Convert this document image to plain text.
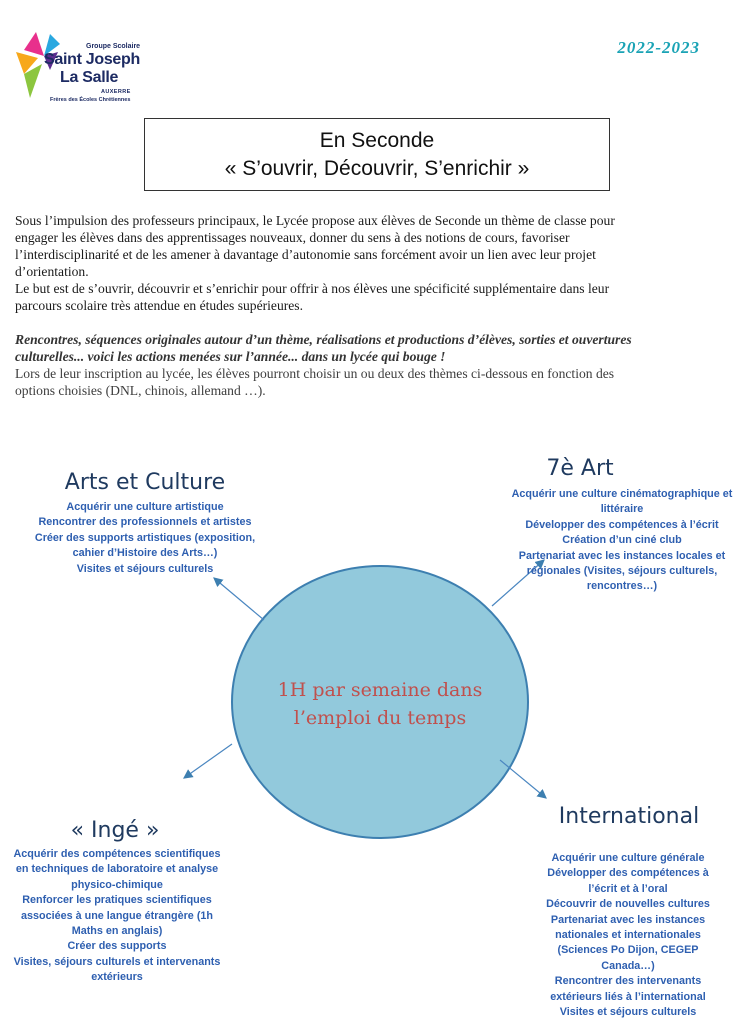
Groupe Scolaire
Saint Joseph
La Salle
AUXERRE
Frères des Écoles Chrétiennes
2022-2023
En Seconde
« S’ouvrir, Découvrir, S’enrichir »

Sous l’impulsion des professeurs principaux, le Lycée propose aux élèves de Seconde un thème de classe pour

engager les élèves dans des apprentissages nouveaux, donner du sens à des notions de cours, favoriser

l’interdisciplinarité et de les amener à davantage d’autonomie sans forcément avoir un lien avec leur projet

d’orientation.

Le but est de s’ouvrir, découvrir et s’enrichir pour offrir à nos élèves une spécificité supplémentaire dans leur

parcours scolaire très attendue en études supérieures.

Rencontres, séquences originales autour d’un thème, réalisations et productions d’élèves, sorties et ouvertures

culturelles... voici les actions menées sur l’année... dans un lycée qui bouge !

Lors de leur inscription au lycée, les élèves pourront choisir un ou deux des thèmes ci-dessous en fonction des

options choisies (DNL, chinois, allemand …).

1H par semaine dans
l’emploi du temps
Arts et Culture
Acquérir une culture artistique
Rencontrer des professionnels et artistes
Créer des supports artistiques (exposition,
cahier d’Histoire des Arts…)
Visites et séjours culturels
7è Art
Acquérir une culture cinématographique et
littéraire
Développer des compétences à l’écrit
Création d’un ciné club
Partenariat avec les instances locales et
régionales (Visites, séjours culturels,
rencontres…)
« Ingé »
Acquérir des compétences scientifiques
en techniques de laboratoire et analyse
physico-chimique
Renforcer les pratiques scientifiques
associées à une langue étrangère (1h
Maths en anglais)
Créer des supports
Visites, séjours culturels et intervenants
extérieurs
International
Acquérir une culture générale
Développer des compétences à
l’écrit et à l’oral
Découvrir de nouvelles cultures
Partenariat avec les instances
nationales et internationales
(Sciences Po Dijon, CEGEP
Canada…)
Rencontrer des intervenants
extérieurs liés à l’international
Visites et séjours culturels
